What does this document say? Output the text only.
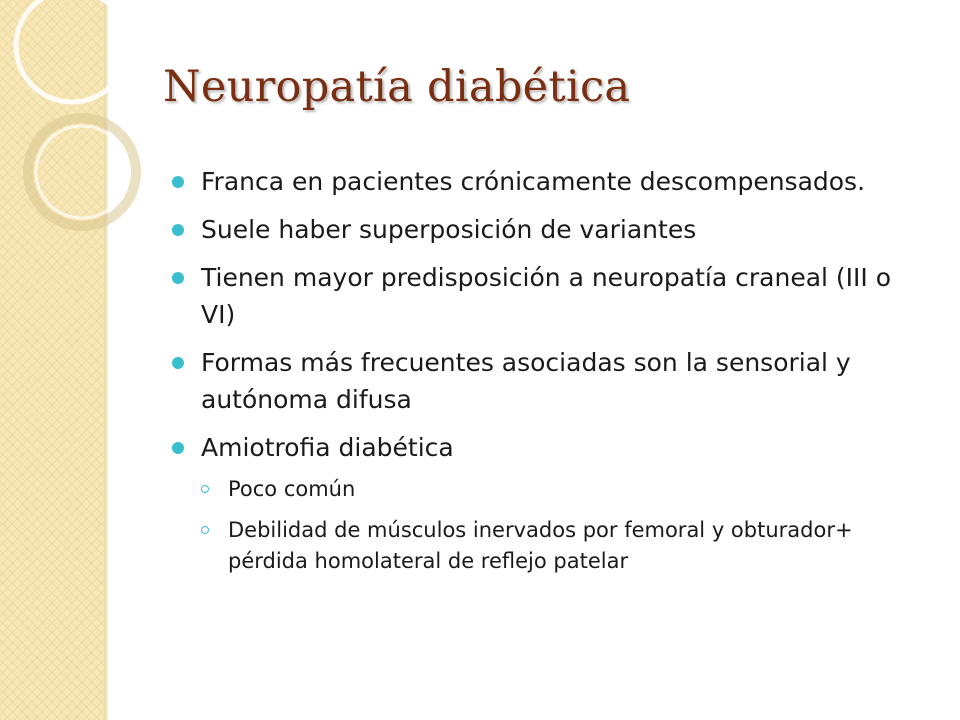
Neuropatía diabética
Franca en pacientes crónicamente descompensados.
Suele haber superposición de variantes
Tienen mayor predisposición a neuropatía craneal (III o VI)
Formas más frecuentes asociadas son la sensorial y autónoma difusa
Amiotrofia diabética
Poco común
Debilidad de músculos inervados por femoral y obturador+ pérdida homolateral de reflejo patelar
